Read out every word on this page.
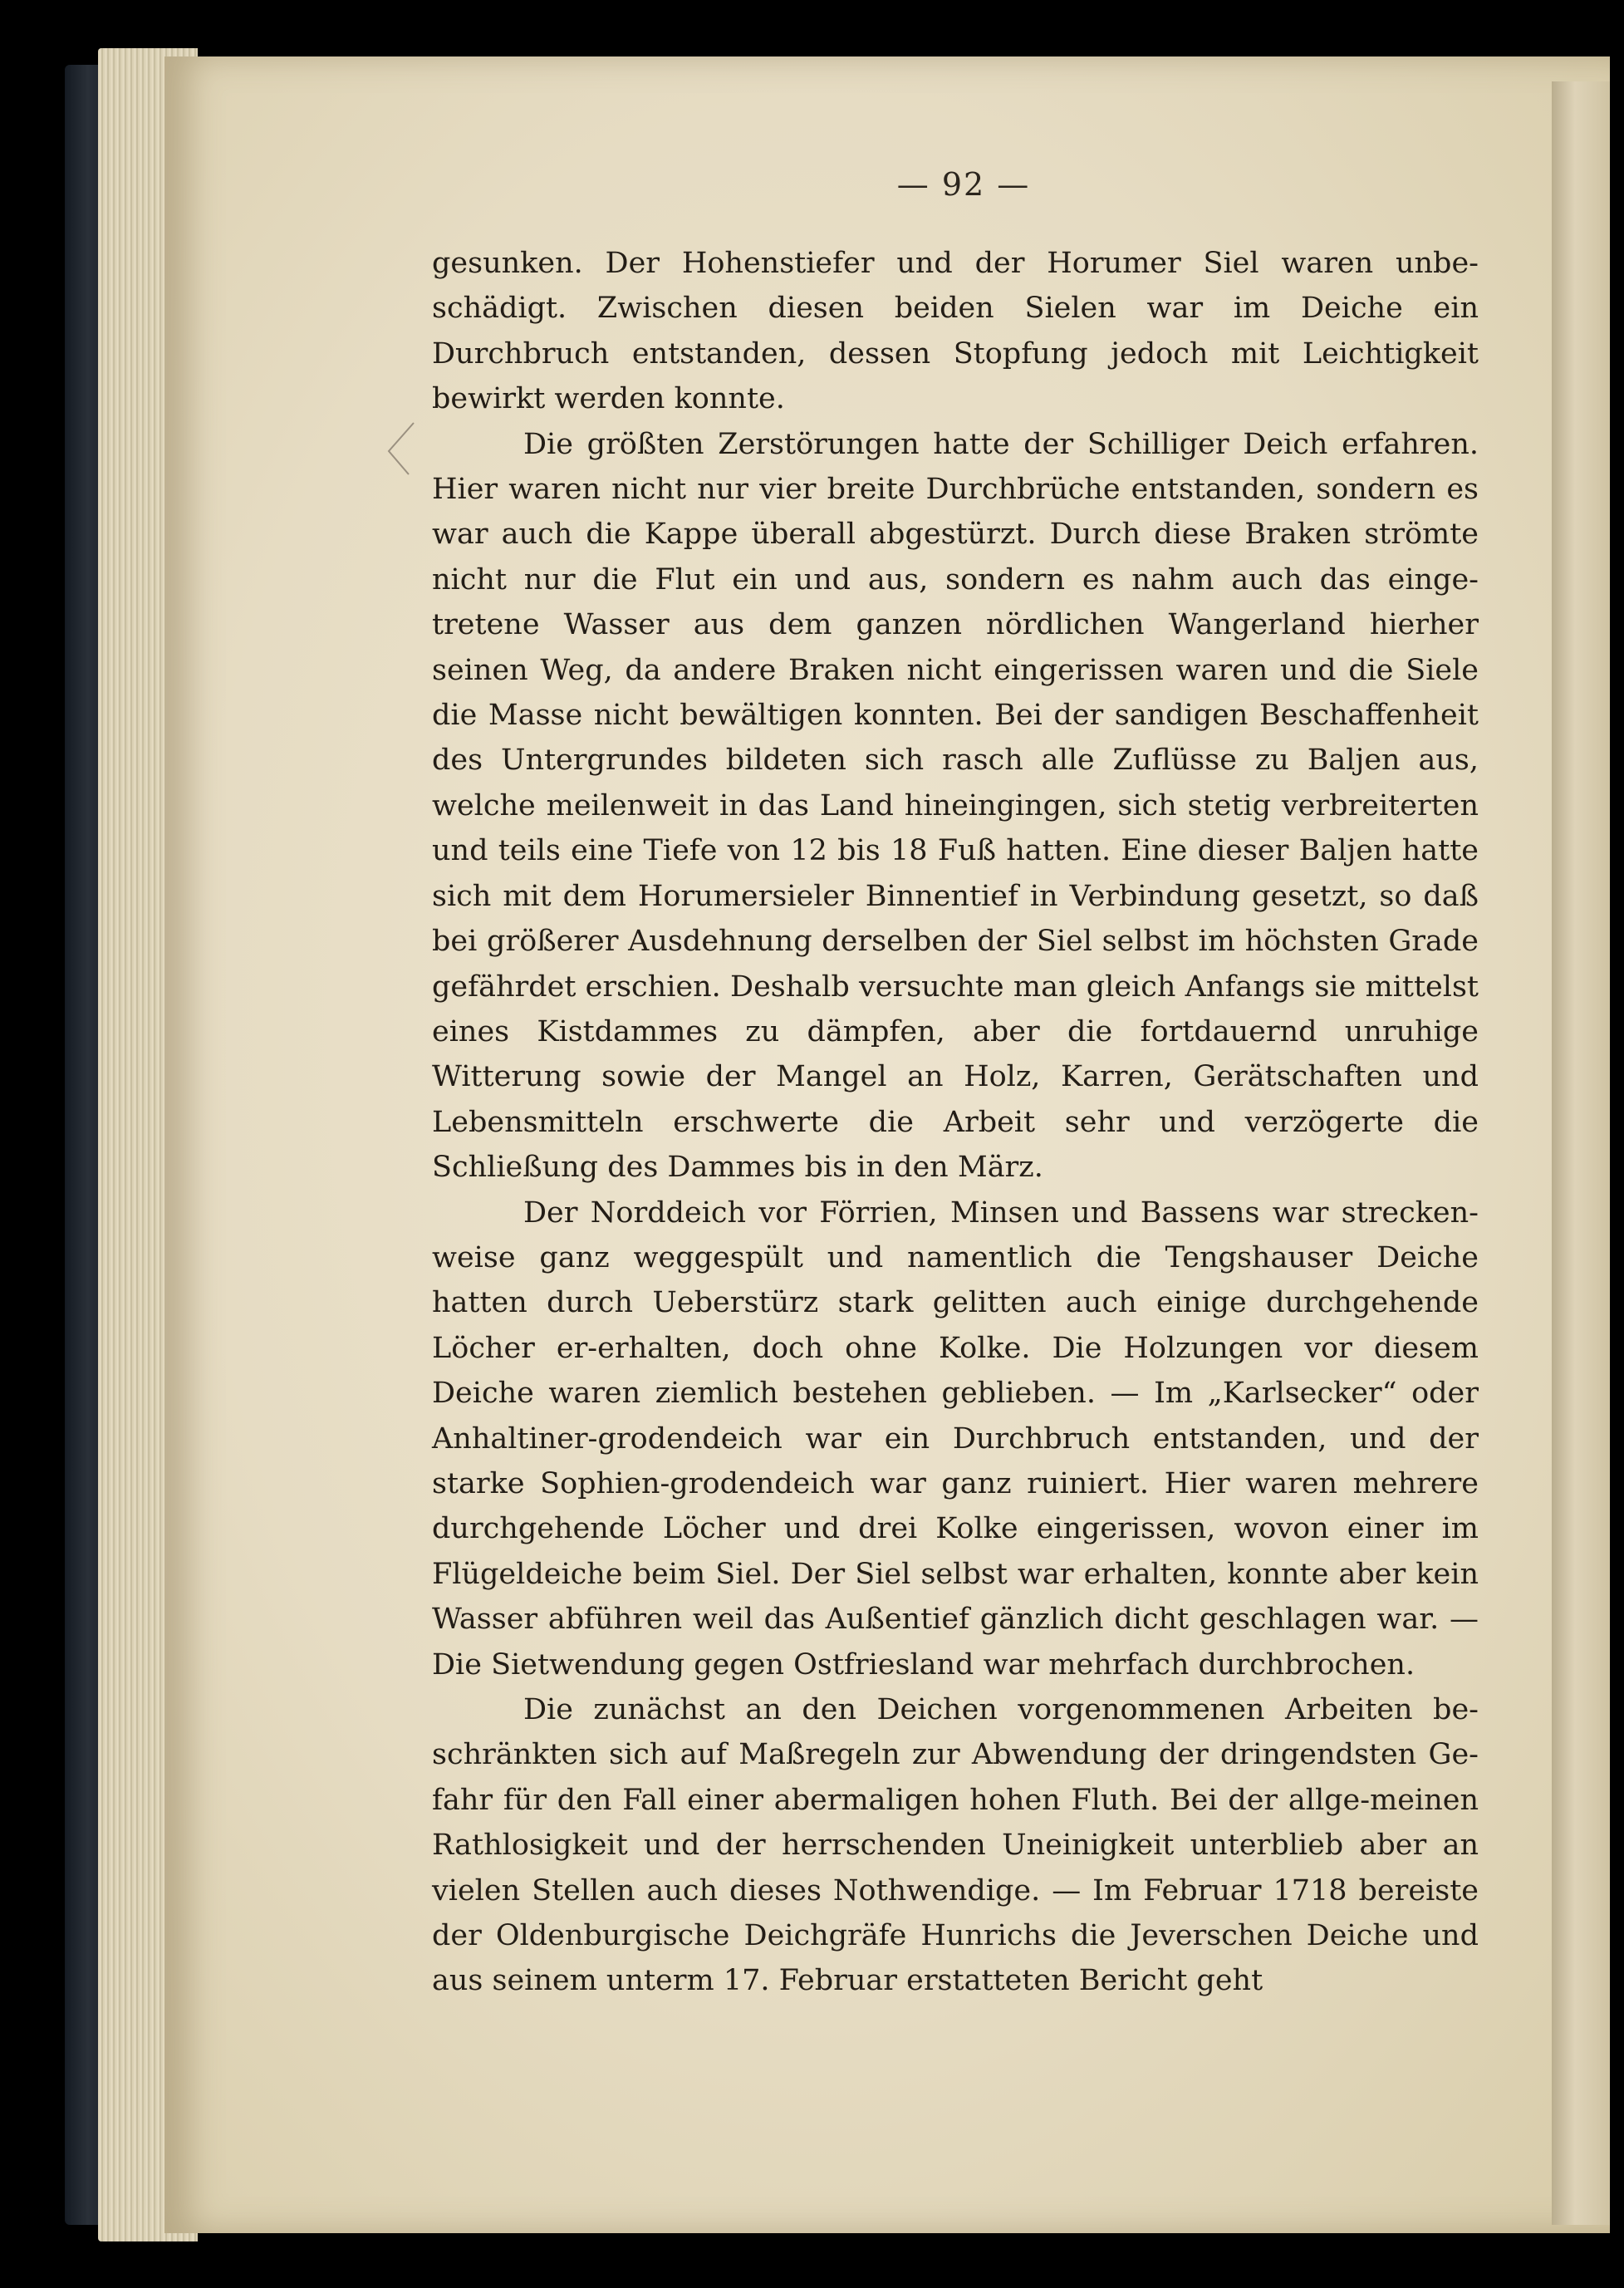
— 92 —

gesunken. Der Hohenstiefer und der Horumer Siel waren unbe-schädigt. Zwischen diesen beiden Sielen war im Deiche ein Durchbruch entstanden, dessen Stopfung jedoch mit Leichtigkeit bewirkt werden konnte.

Die größten Zerstörungen hatte der Schilliger Deich erfahren. Hier waren nicht nur vier breite Durchbrüche entstanden, sondern es war auch die Kappe überall abgestürzt. Durch diese Braken strömte nicht nur die Flut ein und aus, sondern es nahm auch das einge-tretene Wasser aus dem ganzen nördlichen Wangerland hierher seinen Weg, da andere Braken nicht eingerissen waren und die Siele die Masse nicht bewältigen konnten. Bei der sandigen Beschaffenheit des Untergrundes bildeten sich rasch alle Zuflüsse zu Baljen aus, welche meilenweit in das Land hineingingen, sich stetig verbreiterten und teils eine Tiefe von 12 bis 18 Fuß hatten. Eine dieser Baljen hatte sich mit dem Horumersieler Binnentief in Verbindung gesetzt, so daß bei größerer Ausdehnung derselben der Siel selbst im höchsten Grade gefährdet erschien. Deshalb versuchte man gleich Anfangs sie mittelst eines Kistdammes zu dämpfen, aber die fortdauernd unruhige Witterung sowie der Mangel an Holz, Karren, Gerätschaften und Lebensmitteln erschwerte die Arbeit sehr und verzögerte die Schließung des Dammes bis in den März.

Der Norddeich vor Förrien, Minsen und Bassens war strecken-weise ganz weggespült und namentlich die Tengshauser Deiche hatten durch Ueberstürz stark gelitten auch einige durchgehende Löcher er-erhalten, doch ohne Kolke. Die Holzungen vor diesem Deiche waren ziemlich bestehen geblieben. — Im „Karlsecker“ oder Anhaltiner-grodendeich war ein Durchbruch entstanden, und der starke Sophien-grodendeich war ganz ruiniert. Hier waren mehrere durchgehende Löcher und drei Kolke eingerissen, wovon einer im Flügeldeiche beim Siel. Der Siel selbst war erhalten, konnte aber kein Wasser abführen weil das Außentief gänzlich dicht geschlagen war. — Die Sietwendung gegen Ostfriesland war mehrfach durchbrochen.

Die zunächst an den Deichen vorgenommenen Arbeiten be-schränkten sich auf Maßregeln zur Abwendung der dringendsten Ge-fahr für den Fall einer abermaligen hohen Fluth. Bei der allge-meinen Rathlosigkeit und der herrschenden Uneinigkeit unterblieb aber an vielen Stellen auch dieses Nothwendige. — Im Februar 1718 bereiste der Oldenburgische Deichgräfe Hunrichs die Jeverschen Deiche und aus seinem unterm 17. Februar erstatteten Bericht geht
